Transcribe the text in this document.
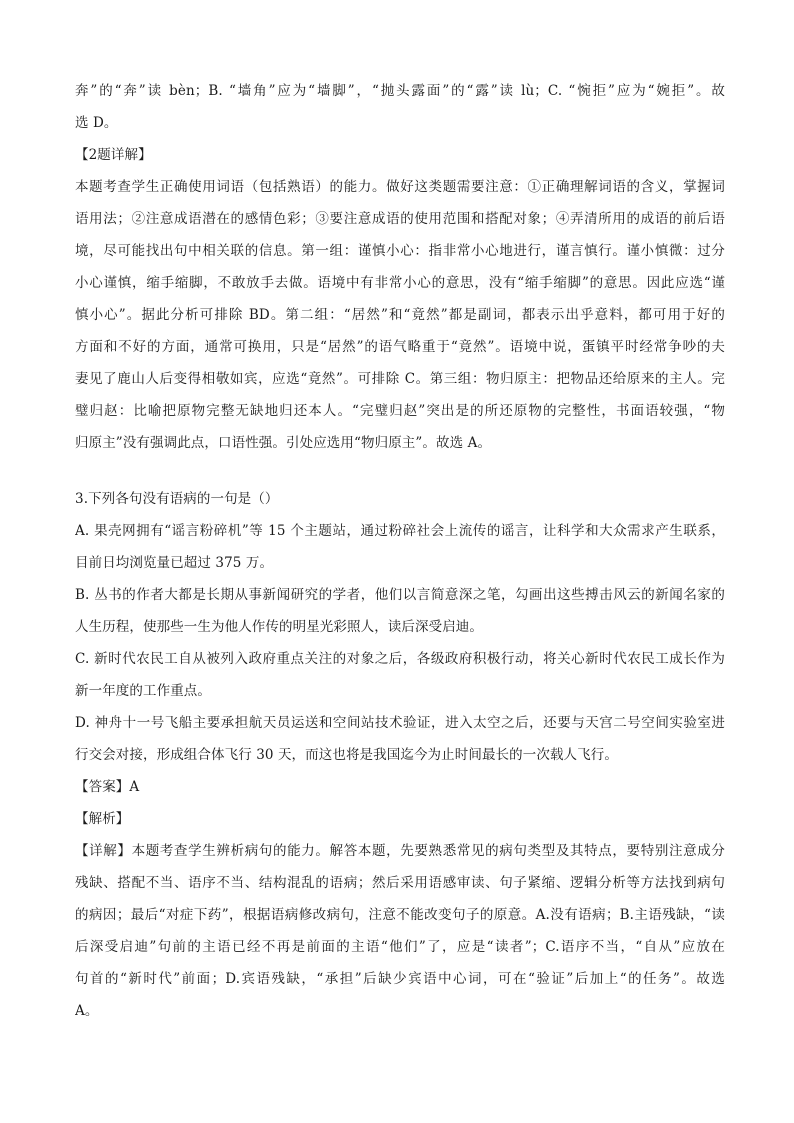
奔”的“奔”读 bèn；B. “墙角”应为“墙脚”，“抛头露面”的“露”读 lù；C. “惋拒”应为“婉拒”。故
选 D。
【2题详解】
本题考查学生正确使用词语（包括熟语）的能力。做好这类题需要注意：①正确理解词语的含义，掌握词
语用法；②注意成语潜在的感情色彩；③要注意成语的使用范围和搭配对象；④弄清所用的成语的前后语
境，尽可能找出句中相关联的信息。第一组：谨慎小心：指非常小心地进行，谨言慎行。谨小慎微：过分
小心谨慎，缩手缩脚，不敢放手去做。语境中有非常小心的意思，没有“缩手缩脚”的意思。因此应选“谨
慎小心”。据此分析可排除 BD。第二组：“居然”和“竟然”都是副词，都表示出乎意料，都可用于好的
方面和不好的方面，通常可换用，只是“居然”的语气略重于“竟然”。语境中说，蛋镇平时经常争吵的夫
妻见了鹿山人后变得相敬如宾，应选“竟然”。可排除 C。第三组：物归原主：把物品还给原来的主人。完
璧归赵：比喻把原物完整无缺地归还本人。“完璧归赵”突出是的所还原物的完整性，书面语较强，“物
归原主”没有强调此点，口语性强。引处应选用“物归原主”。故选 A。
3.下列各句没有语病的一句是（）
A. 果壳网拥有“谣言粉碎机”等 15 个主题站，通过粉碎社会上流传的谣言，让科学和大众需求产生联系，
目前日均浏览量已超过 375 万。
B. 丛书的作者大都是长期从事新闻研究的学者，他们以言简意深之笔，勾画出这些搏击风云的新闻名家的
人生历程，使那些一生为他人作传的明星光彩照人，读后深受启迪。
C. 新时代农民工自从被列入政府重点关注的对象之后，各级政府积极行动，将关心新时代农民工成长作为
新一年度的工作重点。
D. 神舟十一号飞船主要承担航天员运送和空间站技术验证，进入太空之后，还要与天宫二号空间实验室进
行交会对接，形成组合体飞行 30 天，而这也将是我国迄今为止时间最长的一次载人飞行。
【答案】A
【解析】
【详解】本题考查学生辨析病句的能力。解答本题，先要熟悉常见的病句类型及其特点，要特别注意成分
残缺、搭配不当、语序不当、结构混乱的语病；然后采用语感审读、句子紧缩、逻辑分析等方法找到病句
的病因；最后“对症下药”，根据语病修改病句，注意不能改变句子的原意。A.没有语病；B.主语残缺，“读
后深受启迪”句前的主语已经不再是前面的主语“他们”了，应是“读者”；C.语序不当，“自从”应放在
句首的“新时代”前面；D.宾语残缺，“承担”后缺少宾语中心词，可在“验证”后加上“的任务”。故选
A。
